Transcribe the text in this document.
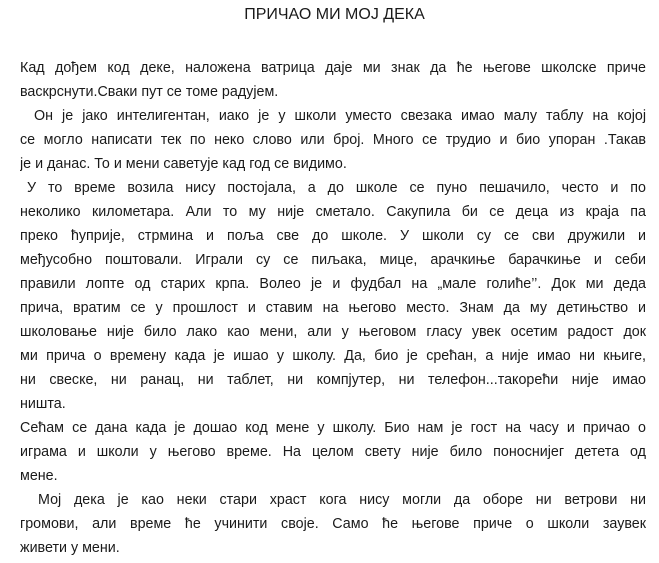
ПРИЧАО МИ МОЈ ДЕКА
Кад дођем код деке, наложена ватрица даје ми знак да ће његове школске приче
васкрснути.Сваки пут се томе радујем.
Он је јако интелигентан, иако је у школи уместо свезака имао малу таблу на којој
се могло написати тек по неко слово или број. Много се трудио и био упоран .Такав
је и данас. То и мени саветује кад год се видимо.
У то време возила нису постојала, а до школе се пуно пешачило, често и по
неколико километара. Али то му није сметало. Сакупила би се деца из краја па
преко ћуприје, стрмина и поља све до школе. У школи су се сви дружили и
међусобно поштовали. Играли су се пиљака, мице, арачкиње барачкиње и себи
правили лопте од старих крпа. Волео је и фудбал на „мале голиће’’. Док ми деда
прича, вратим се у прошлост и ставим на његово место. Знам да му детињство и
школовање није било лако као мени, али у његовом гласу увек осетим радост док
ми прича о времену када је ишао у школу. Да, био је срећан, а није имао ни књиге,
ни свеске, ни ранац, ни таблет, ни компјутер, ни телефон...такорећи није имао
ништа.
Сећам се дана када је дошао код мене у школу. Био нам је гост на часу и причао о
играма и школи у његово време. На целом свету није било поноснијег детета од
мене.
Мој дека је као неки стари храст кога нису могли да оборе ни ветрови ни
громови, али време ће учинити своје. Само ће његове приче о школи заувек
живети у мени.
